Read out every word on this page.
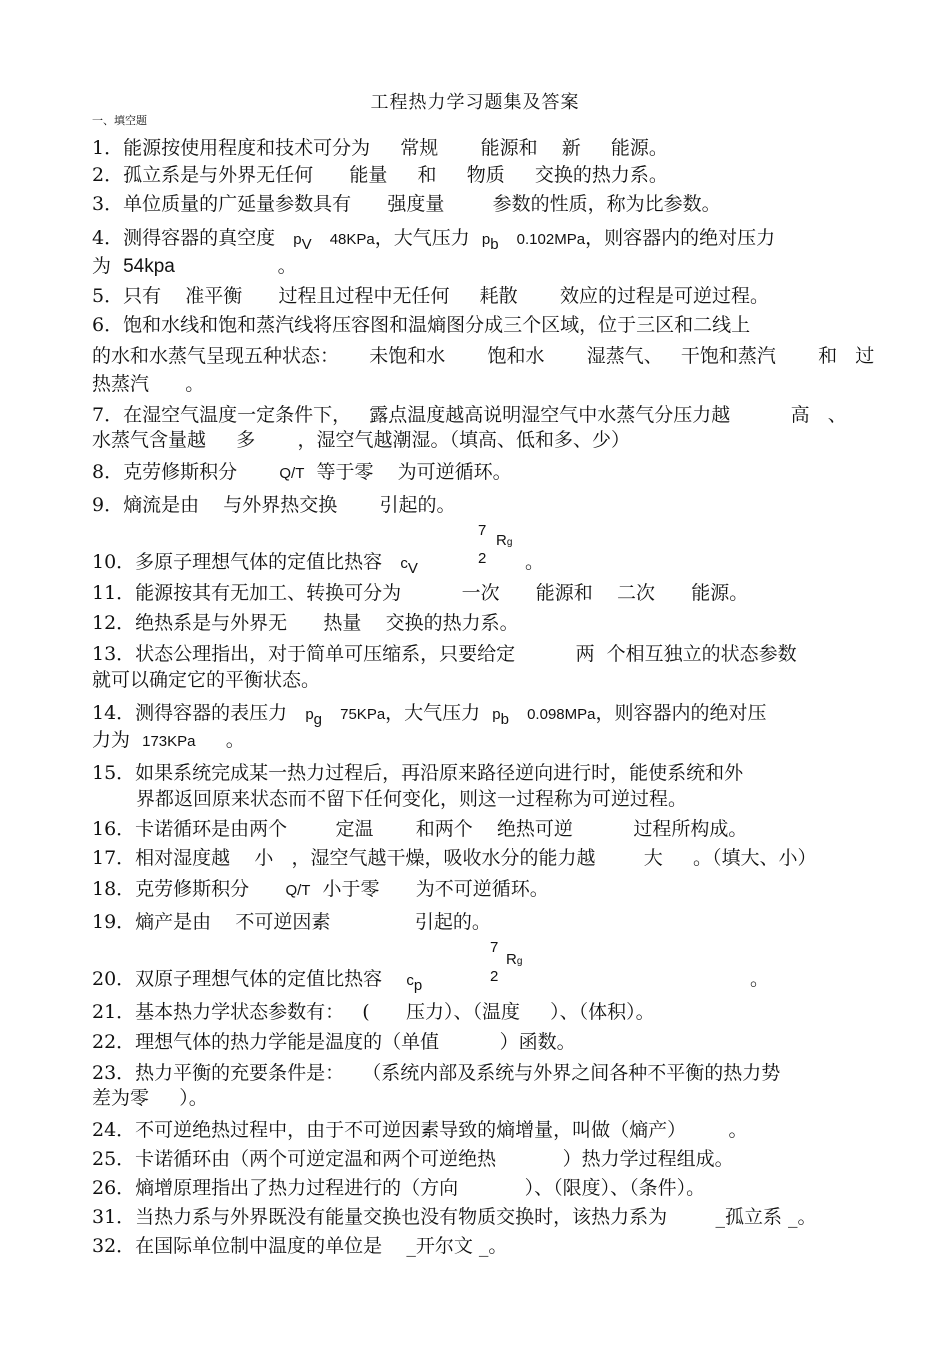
工程热力学习题集及答案
一、填空题
1．能源按使用程度和技术可分为     常规       能源和    新     能源。
2．孤立系是与外界无任何      能量     和     物质     交换的热力系。
3．单位质量的广延量参数具有      强度量        参数的性质，称为比参数。
4．测得容器的真空度 $p_V$ 48KPa，大气压力 $p_b$ 0.102MPa，则容器内的绝对压力
为 54kpa	。
5．只有    准平衡      过程且过程中无任何     耗散       效应的过程是可逆过程。
6．饱和水线和饱和蒸汽线将压容图和温熵图分成三个区域，位于三区和二线上
的水和水蒸气呈现五种状态：     未饱和水       饱和水       湿蒸气、   干饱和蒸汽       和   过
热蒸汽      。
7．在湿空气温度一定条件下，   露点温度越高说明湿空气中水蒸气分压力越          高   、
水蒸气含量越     多       ，湿空气越潮湿。（填高、低和多、少）
8．克劳修斯积分	Q/T 等于零    为可逆循环。
9．熵流是由    与外界热交换       引起的。
10．多原子理想气体的定值比热容 $c_V$
7
2
Rg
。
11．能源按其有无加工、转换可分为          一次      能源和    二次      能源。
12．绝热系是与外界无      热量    交换的热力系。
13．状态公理指出，对于简单可压缩系，只要给定          两  个相互独立的状态参数
就可以确定它的平衡状态。
14．测得容器的表压力 $p_g$ 75KPa，大气压力 $p_b$ 0.098MPa，则容器内的绝对压
力为 173KPa 。
15．如果系统完成某一热力过程后，再沿原来路径逆向进行时，能使系统和外
界都返回原来状态而不留下任何变化，则这一过程称为可逆过程。
16．卡诺循环是由两个        定温       和两个    绝热可逆          过程所构成。
17．相对湿度越    小   ，湿空气越干燥，吸收水分的能力越        大     。（填大、小）
18．克劳修斯积分 Q/T 小于零      为不可逆循环。
19．熵产是由    不可逆因素              引起的。
20．双原子理想气体的定值比热容 $c_p$
7
2
Rg
。
21．基本热力学状态参数有：   (      压力）、（温度     ）、（体积）。
22．理想气体的热力学能是温度的（单值          ）函数。
23．热力平衡的充要条件是：   （系统内部及系统与外界之间各种不平衡的热力势
差为零     ）。
24．不可逆绝热过程中，由于不可逆因素导致的熵增量，叫做（熵产）       。
25．卡诺循环由（两个可逆定温和两个可逆绝热           ）热力学过程组成。
26．熵增原理指出了热力过程进行的（方向           ）、（限度）、（条件）。
31．当热力系与外界既没有能量交换也没有物质交换时，该热力系为        _孤立系 _。
32．在国际单位制中温度的单位是    _开尔文 _。
